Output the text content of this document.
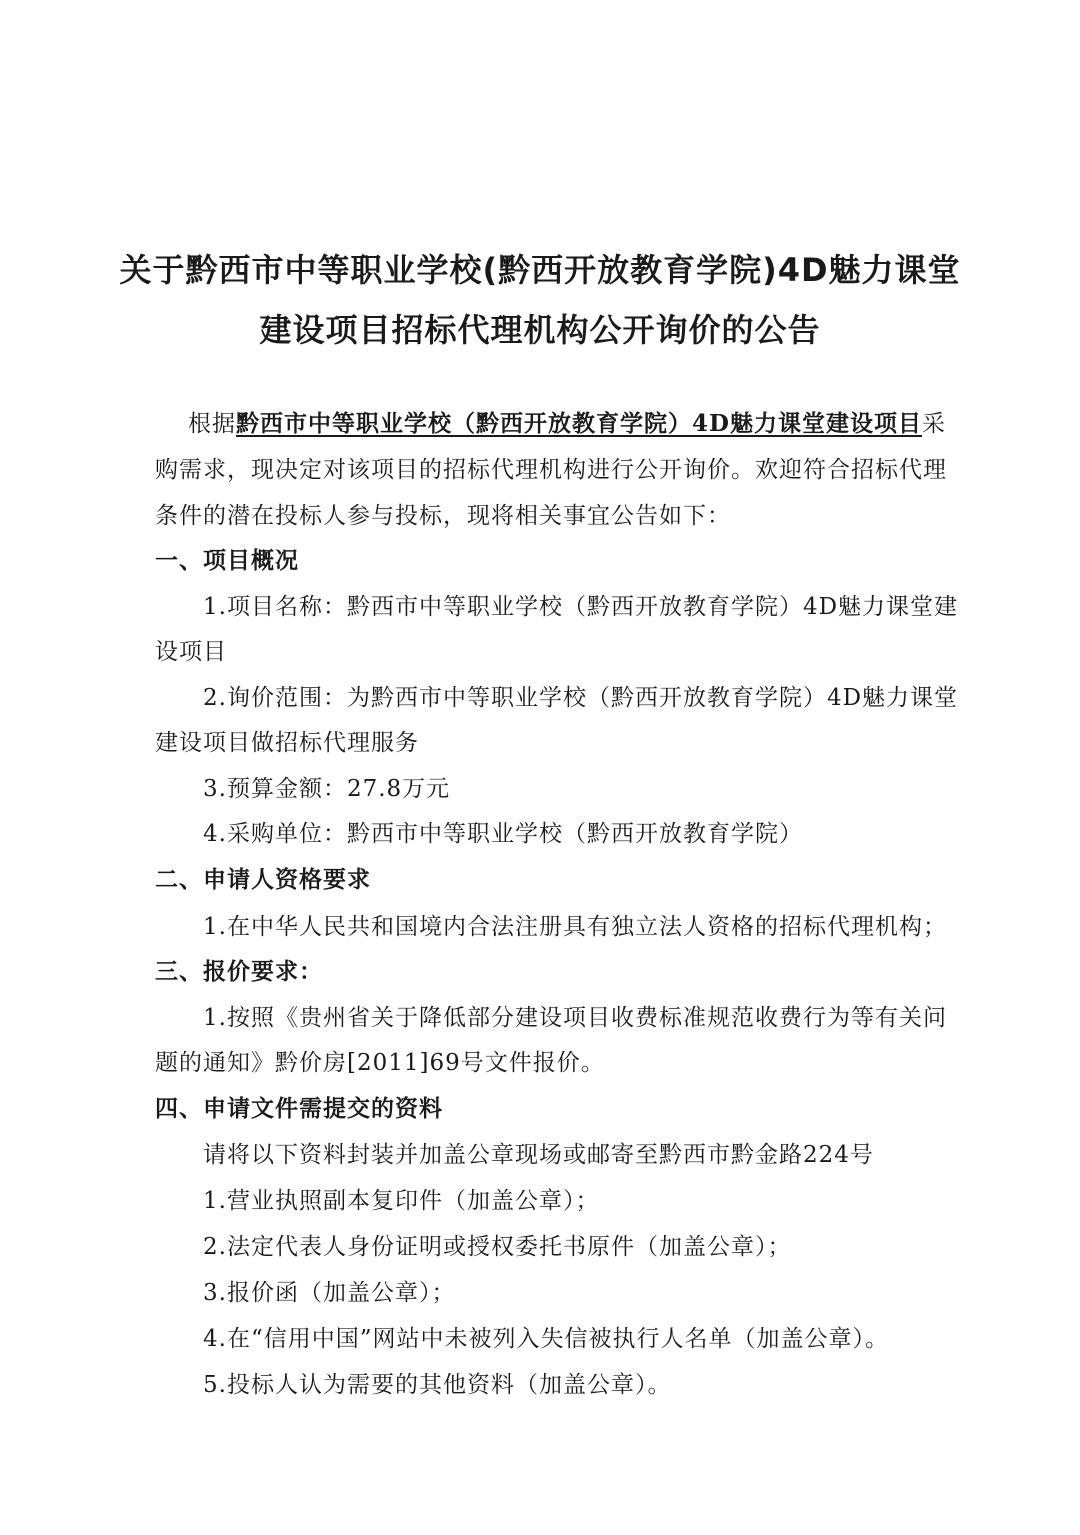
关于黔西市中等职业学校(黔西开放教育学院)4D魅力课堂
建设项目招标代理机构公开询价的公告
根据黔西市中等职业学校（黔西开放教育学院）4D魅力课堂建设项目采
购需求，现决定对该项目的招标代理机构进行公开询价。欢迎符合招标代理
条件的潜在投标人参与投标，现将相关事宜公告如下：
一、项目概况
1.项目名称：黔西市中等职业学校（黔西开放教育学院）4D魅力课堂建
设项目
2.询价范围：为黔西市中等职业学校（黔西开放教育学院）4D魅力课堂
建设项目做招标代理服务
3.预算金额：27.8万元
4.采购单位：黔西市中等职业学校（黔西开放教育学院）
二、申请人资格要求
1.在中华人民共和国境内合法注册具有独立法人资格的招标代理机构；
三、报价要求：
1.按照《贵州省关于降低部分建设项目收费标准规范收费行为等有关问
题的通知》黔价房[2011]69号文件报价。
四、申请文件需提交的资料
请将以下资料封装并加盖公章现场或邮寄至黔西市黔金路224号
1.营业执照副本复印件（加盖公章）；
2.法定代表人身份证明或授权委托书原件（加盖公章）；
3.报价函（加盖公章）；
4.在“信用中国”网站中未被列入失信被执行人名单（加盖公章）。
5.投标人认为需要的其他资料（加盖公章）。
